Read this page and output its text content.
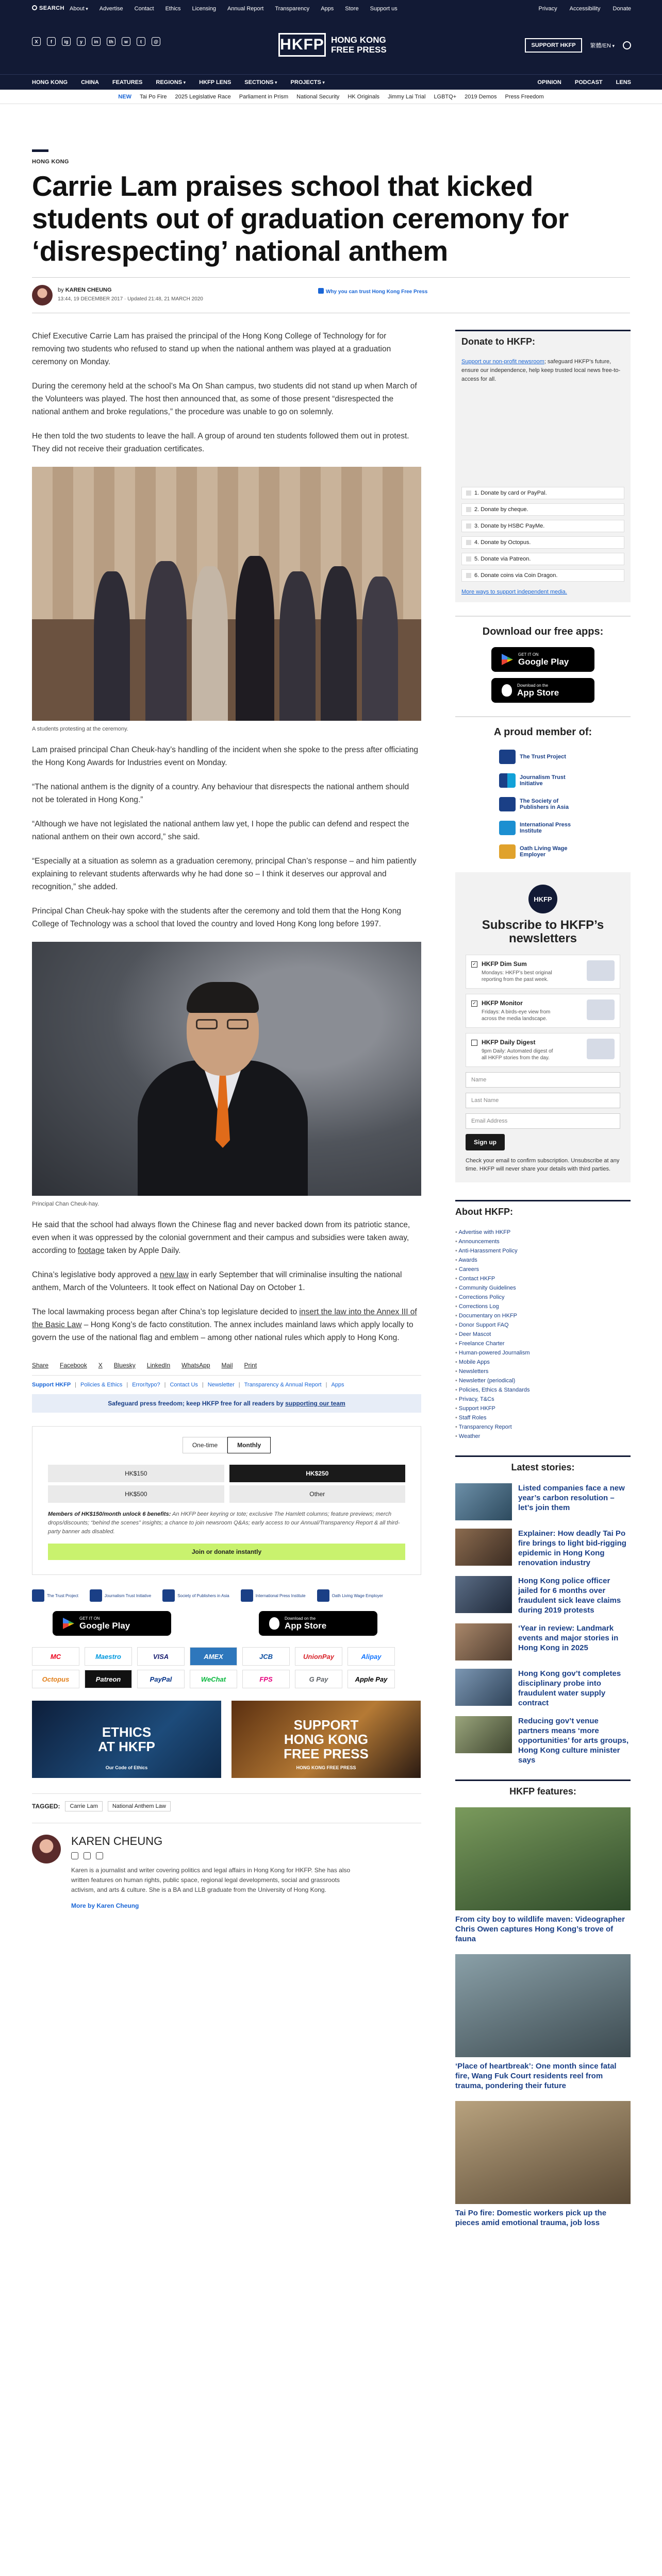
SEARCH About ▾	Advertise Contact Ethics Licensing Annual Report Transparency Apps Store Support us	Privacy Accessibility Donate
X	f	ig	y	in	th	w	t	@	HKFP HONG KONG FREE PRESS	SUPPORT HKFP	繁體/EN ▾
HONG KONG CHINA FEATURES REGIONS ▾	HKFP LENS SECTIONS ▾	PROJECTS ▾	OPINION PODCAST LENS
NEW Tai Po Fire 2025 Legislative Race Parliament in Prism National Security HK Originals Jimmy Lai Trial LGBTQ+ 2019 Demos Press Freedom
HONG KONG
Carrie Lam praises school that kicked students out of graduation ceremony for ‘disrespecting’ national anthem
by KAREN CHEUNG
13:44, 19 DECEMBER 2017 · Updated 21:48, 21 MARCH 2020
Why you can trust Hong Kong Free Press

Chief Executive Carrie Lam has praised the principal of the Hong Kong College of Technology for for removing two students who refused to stand up when the national anthem was played at a graduation ceremony on Monday.

During the ceremony held at the school’s Ma On Shan campus, two students did not stand up when March of the Volunteers was played. The host then announced that, as some of those present “disrespected the national anthem and broke regulations,” the procedure was unable to go on solemnly.

He then told the two students to leave the hall. A group of around ten students followed them out in protest. They did not receive their graduation certificates.

A students protesting at the ceremony.

Lam praised principal Chan Cheuk-hay’s handling of the incident when she spoke to the press after officiating the Hong Kong Awards for Industries event on Monday.

“The national anthem is the dignity of a country. Any behaviour that disrespects the national anthem should not be tolerated in Hong Kong.”

“Although we have not legislated the national anthem law yet, I hope the public can defend and respect the national anthem on their own accord,” she said.

“Especially at a situation as solemn as a graduation ceremony, principal Chan’s response – and him patiently explaining to relevant students afterwards why he had done so – I think it deserves our approval and recognition,” she added.

Principal Chan Cheuk-hay spoke with the students after the ceremony and told them that the Hong Kong College of Technology was a school that loved the country and loved Hong Kong long before 1997.

Principal Chan Cheuk-hay.

He said that the school had always flown the Chinese flag and never backed down from its patriotic stance, even when it was oppressed by the colonial government and their campus and subsidies were taken away, according to footage taken by Apple Daily.

China’s legislative body approved a new law in early September that will criminalise insulting the national anthem, March of the Volunteers. It took effect on National Day on October 1.

The local lawmaking process began after China’s top legislature decided to insert the law into the Annex III of the Basic Law – Hong Kong’s de facto constitution. The annex includes mainland laws which apply locally to govern the use of the national flag and emblem – among other national rules which apply to Hong Kong.

Share Facebook X Bluesky LinkedIn WhatsApp Mail Print
Support HKFP | Policies & Ethics | Error/typo? | Contact Us | Newsletter | Transparency & Annual Report | Apps
Safeguard press freedom; keep HKFP free for all readers by supporting our team
One-time	Monthly
HK$150	HK$250
HK$500	Other
Members of HK$150/month unlock 6 benefits: An HKFP beer keyring or tote; exclusive The Hamlett columns; feature previews; merch drops/discounts; “behind the scenes” insights; a chance to join newsroom Q&As; early access to our Annual/Transparency Report & all third-party banner ads disabled.
Join or donate instantly
The Trust Project	Journalism Trust Initiative	Society of Publishers in Asia	International Press Institute	Oath Living Wage Employer
GET IT ON
Google Play
Download on the
App Store
MC	Maestro	VISA	AMEX	JCB	UnionPay	Alipay
Octopus	Patreon	PayPal	WeChat	FPS	G Pay	Apple Pay
ETHICS
AT HKFP
Our Code of Ethics
SUPPORT
HONG KONG
FREE PRESS
HONG KONG FREE PRESS
TAGGED:	Carrie Lam	National Anthem Law
KAREN CHEUNG

Karen is a journalist and writer covering politics and legal affairs in Hong Kong for HKFP. She has also written features on human rights, public space, regional legal developments, social and grassroots activism, and arts & culture. She is a BA and LLB graduate from the University of Hong Kong.

More by Karen Cheung
Donate to HKFP:
Support our non-profit newsroom; safeguard HKFP’s future, ensure our independence, help keep trusted local news free-to-access for all.
1. Donate by card or PayPal.
2. Donate by cheque.
3. Donate by HSBC PayMe.
4. Donate by Octopus.
5. Donate via Patreon.
6. Donate coins via Coin Dragon.
More ways to support independent media.
Download our free apps:
GET IT ON
Google Play
Download on the
App Store
A proud member of:
The Trust Project
Journalism Trust Initiative
The Society of Publishers in Asia
International Press Institute
Oath Living Wage Employer
HKFP
Subscribe to HKFP’s newsletters
✓ HKFP Dim Sum
Mondays: HKFP’s best original reporting from the past week.
✓ HKFP Monitor
Fridays: A birds-eye view from across the media landscape.
HKFP Daily Digest
9pm Daily: Automated digest of all HKFP stories from the day.
Name
Last Name
Email Address
Sign up
Check your email to confirm subscription. Unsubscribe at any time. HKFP will never share your details with third parties.
About HKFP:
• Advertise with HKFP
• Announcements
• Anti-Harassment Policy
• Awards
• Careers
• Contact HKFP
• Community Guidelines
• Corrections Policy
• Corrections Log
• Documentary on HKFP
• Donor Support FAQ
• Deer Mascot
• Freelance Charter
• Human-powered Journalism
• Mobile Apps
• Newsletters
• Newsletter (periodical)
• Policies, Ethics & Standards
• Privacy, T&Cs
• Support HKFP
• Staff Roles
• Transparency Report
• Weather
Latest stories:
Listed companies face a new year’s carbon resolution – let’s join them
Explainer: How deadly Tai Po fire brings to light bid-rigging epidemic in Hong Kong renovation industry
Hong Kong police officer jailed for 6 months over fraudulent sick leave claims during 2019 protests
‘Year in review: Landmark events and major stories in Hong Kong in 2025
Hong Kong gov’t completes disciplinary probe into fraudulent water supply contract
Reducing gov’t venue partners means ‘more opportunities’ for arts groups, Hong Kong culture minister says
HKFP features:
From city boy to wildlife maven: Videographer Chris Owen captures Hong Kong’s trove of fauna
‘Place of heartbreak’: One month since fatal fire, Wang Fuk Court residents reel from trauma, pondering their future
Tai Po fire: Domestic workers pick up the pieces amid emotional trauma, job loss
